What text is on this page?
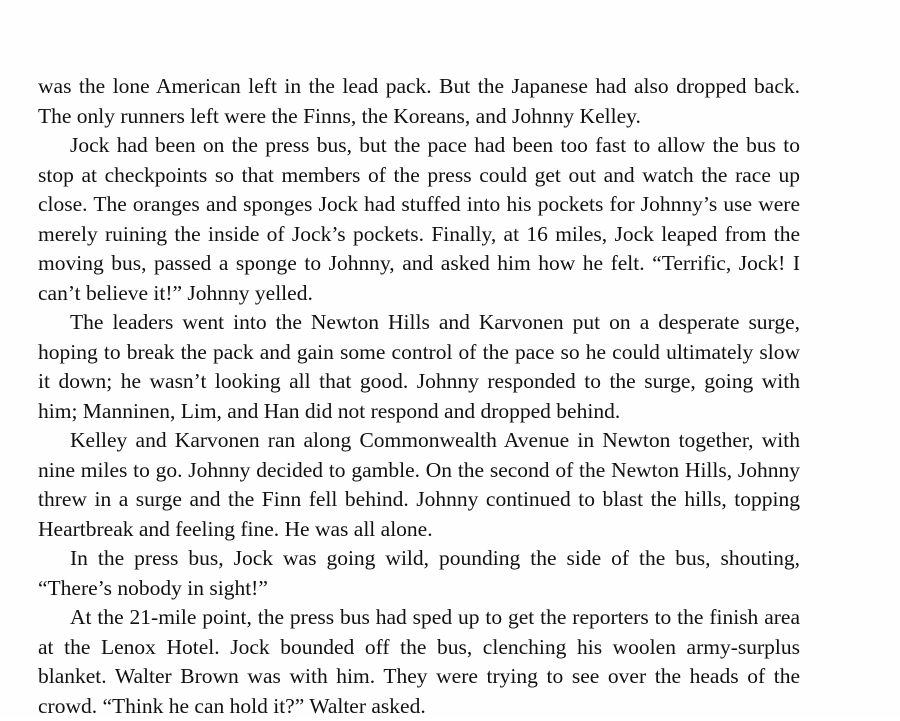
was the lone American left in the lead pack. But the Japanese had also dropped back. The only runners left were the Finns, the Koreans, and Johnny Kelley.

Jock had been on the press bus, but the pace had been too fast to allow the bus to stop at checkpoints so that members of the press could get out and watch the race up close. The oranges and sponges Jock had stuffed into his pockets for Johnny’s use were merely ruining the inside of Jock’s pockets. Finally, at 16 miles, Jock leaped from the moving bus, passed a sponge to Johnny, and asked him how he felt. “Terrific, Jock! I can’t believe it!” Johnny yelled.

The leaders went into the Newton Hills and Karvonen put on a desperate surge, hoping to break the pack and gain some control of the pace so he could ultimately slow it down; he wasn’t looking all that good. Johnny responded to the surge, going with him; Manninen, Lim, and Han did not respond and dropped behind.

Kelley and Karvonen ran along Commonwealth Avenue in Newton together, with nine miles to go. Johnny decided to gamble. On the second of the Newton Hills, Johnny threw in a surge and the Finn fell behind. Johnny continued to blast the hills, topping Heartbreak and feeling fine. He was all alone.

In the press bus, Jock was going wild, pounding the side of the bus, shouting, “There’s nobody in sight!”

At the 21-mile point, the press bus had sped up to get the reporters to the finish area at the Lenox Hotel. Jock bounded off the bus, clenching his woolen army-surplus blanket. Walter Brown was with him. They were trying to see over the heads of the crowd. “Think he can hold it?” Walter asked.
